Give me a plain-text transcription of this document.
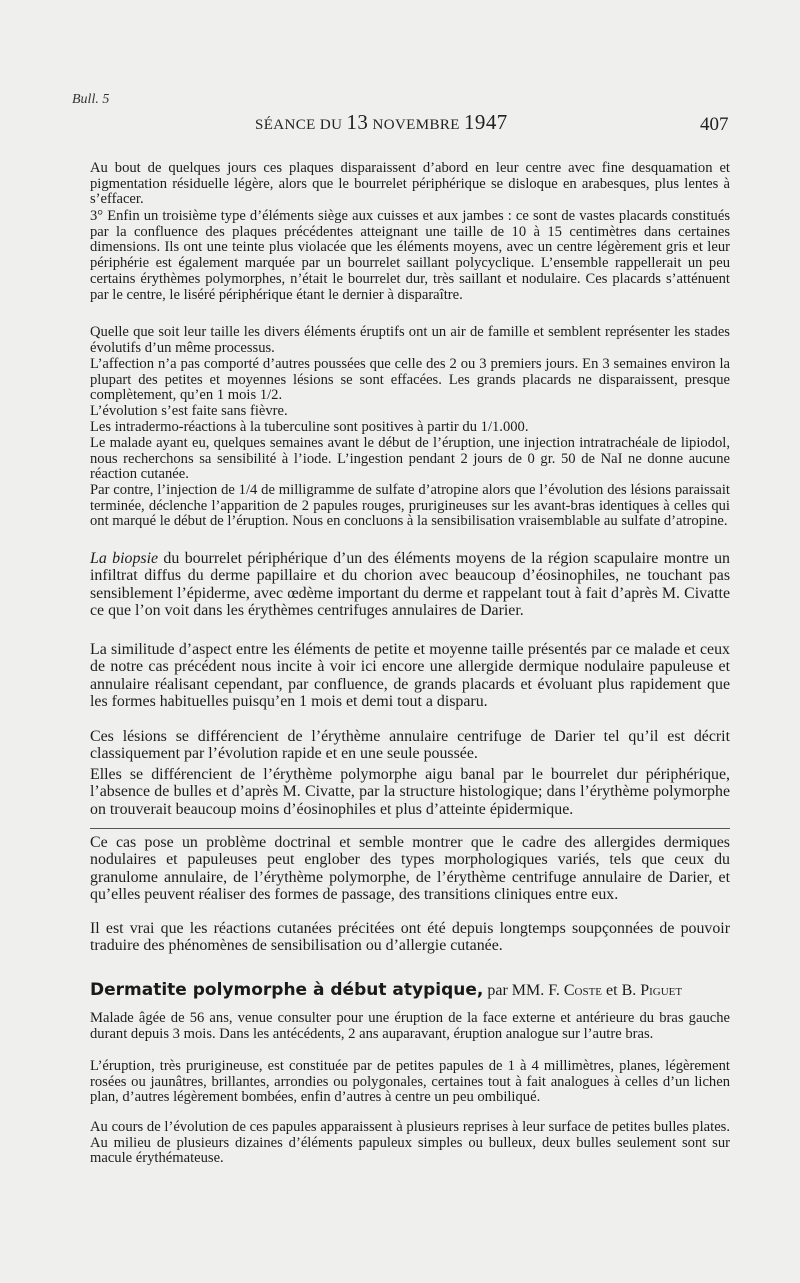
Bull. 5
SÉANCE DU 13 NOVEMBRE 1947	407

Au bout de quelques jours ces plaques disparaissent d’abord en leur centre avec fine desquamation et pigmentation résiduelle légère, alors que le bourrelet périphérique se disloque en arabesques, plus lentes à s’effacer.

3° Enfin un troisième type d’éléments siège aux cuisses et aux jambes : ce sont de vastes placards constitués par la confluence des plaques précédentes atteignant une taille de 10 à 15 centimètres dans certaines dimensions. Ils ont une teinte plus violacée que les éléments moyens, avec un centre légèrement gris et leur périphérie est également marquée par un bourrelet saillant polycyclique. L’ensemble rappellerait un peu certains érythèmes polymorphes, n’était le bourrelet dur, très saillant et nodulaire. Ces placards s’atténuent par le centre, le liséré périphérique étant le dernier à disparaître.

Quelle que soit leur taille les divers éléments éruptifs ont un air de famille et semblent représenter les stades évolutifs d’un même processus.

L’affection n’a pas comporté d’autres poussées que celle des 2 ou 3 premiers jours. En 3 semaines environ la plupart des petites et moyennes lésions se sont effacées. Les grands placards ne disparaissent, presque complètement, qu’en 1 mois 1/2.

L’évolution s’est faite sans fièvre.

Les intradermo-réactions à la tuberculine sont positives à partir du 1/1.000.

Le malade ayant eu, quelques semaines avant le début de l’éruption, une injection intratrachéale de lipiodol, nous recherchons sa sensibilité à l’iode. L’ingestion pendant 2 jours de 0 gr. 50 de NaI ne donne aucune réaction cutanée.

Par contre, l’injection de 1/4 de milligramme de sulfate d’atropine alors que l’évolution des lésions paraissait terminée, déclenche l’apparition de 2 papules rouges, prurigineuses sur les avant-bras identiques à celles qui ont marqué le début de l’éruption. Nous en concluons à la sensibilisation vraisemblable au sulfate d’atropine.

La biopsie du bourrelet périphérique d’un des éléments moyens de la région scapulaire montre un infiltrat diffus du derme papillaire et du chorion avec beaucoup d’éosinophiles, ne touchant pas sensiblement l’épiderme, avec œdème important du derme et rappelant tout à fait d’après M. Civatte ce que l’on voit dans les érythèmes centrifuges annulaires de Darier.

La similitude d’aspect entre les éléments de petite et moyenne taille présentés par ce malade et ceux de notre cas précédent nous incite à voir ici encore une allergide dermique nodulaire papuleuse et annulaire réalisant cependant, par confluence, de grands placards et évoluant plus rapidement que les formes habituelles puisqu’en 1 mois et demi tout a disparu.

Ces lésions se différencient de l’érythème annulaire centrifuge de Darier tel qu’il est décrit classiquement par l’évolution rapide et en une seule poussée.

Elles se différencient de l’érythème polymorphe aigu banal par le bourrelet dur périphérique, l’absence de bulles et d’après M. Civatte, par la structure histologique; dans l’érythème polymorphe on trouverait beaucoup moins d’éosinophiles et plus d’atteinte épidermique.

Ce cas pose un problème doctrinal et semble montrer que le cadre des allergides dermiques nodulaires et papuleuses peut englober des types morphologiques variés, tels que ceux du granulome annulaire, de l’érythème polymorphe, de l’érythème centrifuge annulaire de Darier, et qu’elles peuvent réaliser des formes de passage, des transitions cliniques entre eux.

Il est vrai que les réactions cutanées précitées ont été depuis longtemps soupçonnées de pouvoir traduire des phénomènes de sensibilisation ou d’allergie cutanée.

Dermatite polymorphe à début atypique, par MM. F. Coste et B. Piguet

Malade âgée de 56 ans, venue consulter pour une éruption de la face externe et antérieure du bras gauche durant depuis 3 mois. Dans les antécédents, 2 ans auparavant, éruption analogue sur l’autre bras.

L’éruption, très prurigineuse, est constituée par de petites papules de 1 à 4 millimètres, planes, légèrement rosées ou jaunâtres, brillantes, arrondies ou polygonales, certaines tout à fait analogues à celles d’un lichen plan, d’autres légèrement bombées, enfin d’autres à centre un peu ombiliqué.

Au cours de l’évolution de ces papules apparaissent à plusieurs reprises à leur surface de petites bulles plates. Au milieu de plusieurs dizaines d’éléments papuleux simples ou bulleux, deux bulles seulement sont sur macule érythémateuse.
